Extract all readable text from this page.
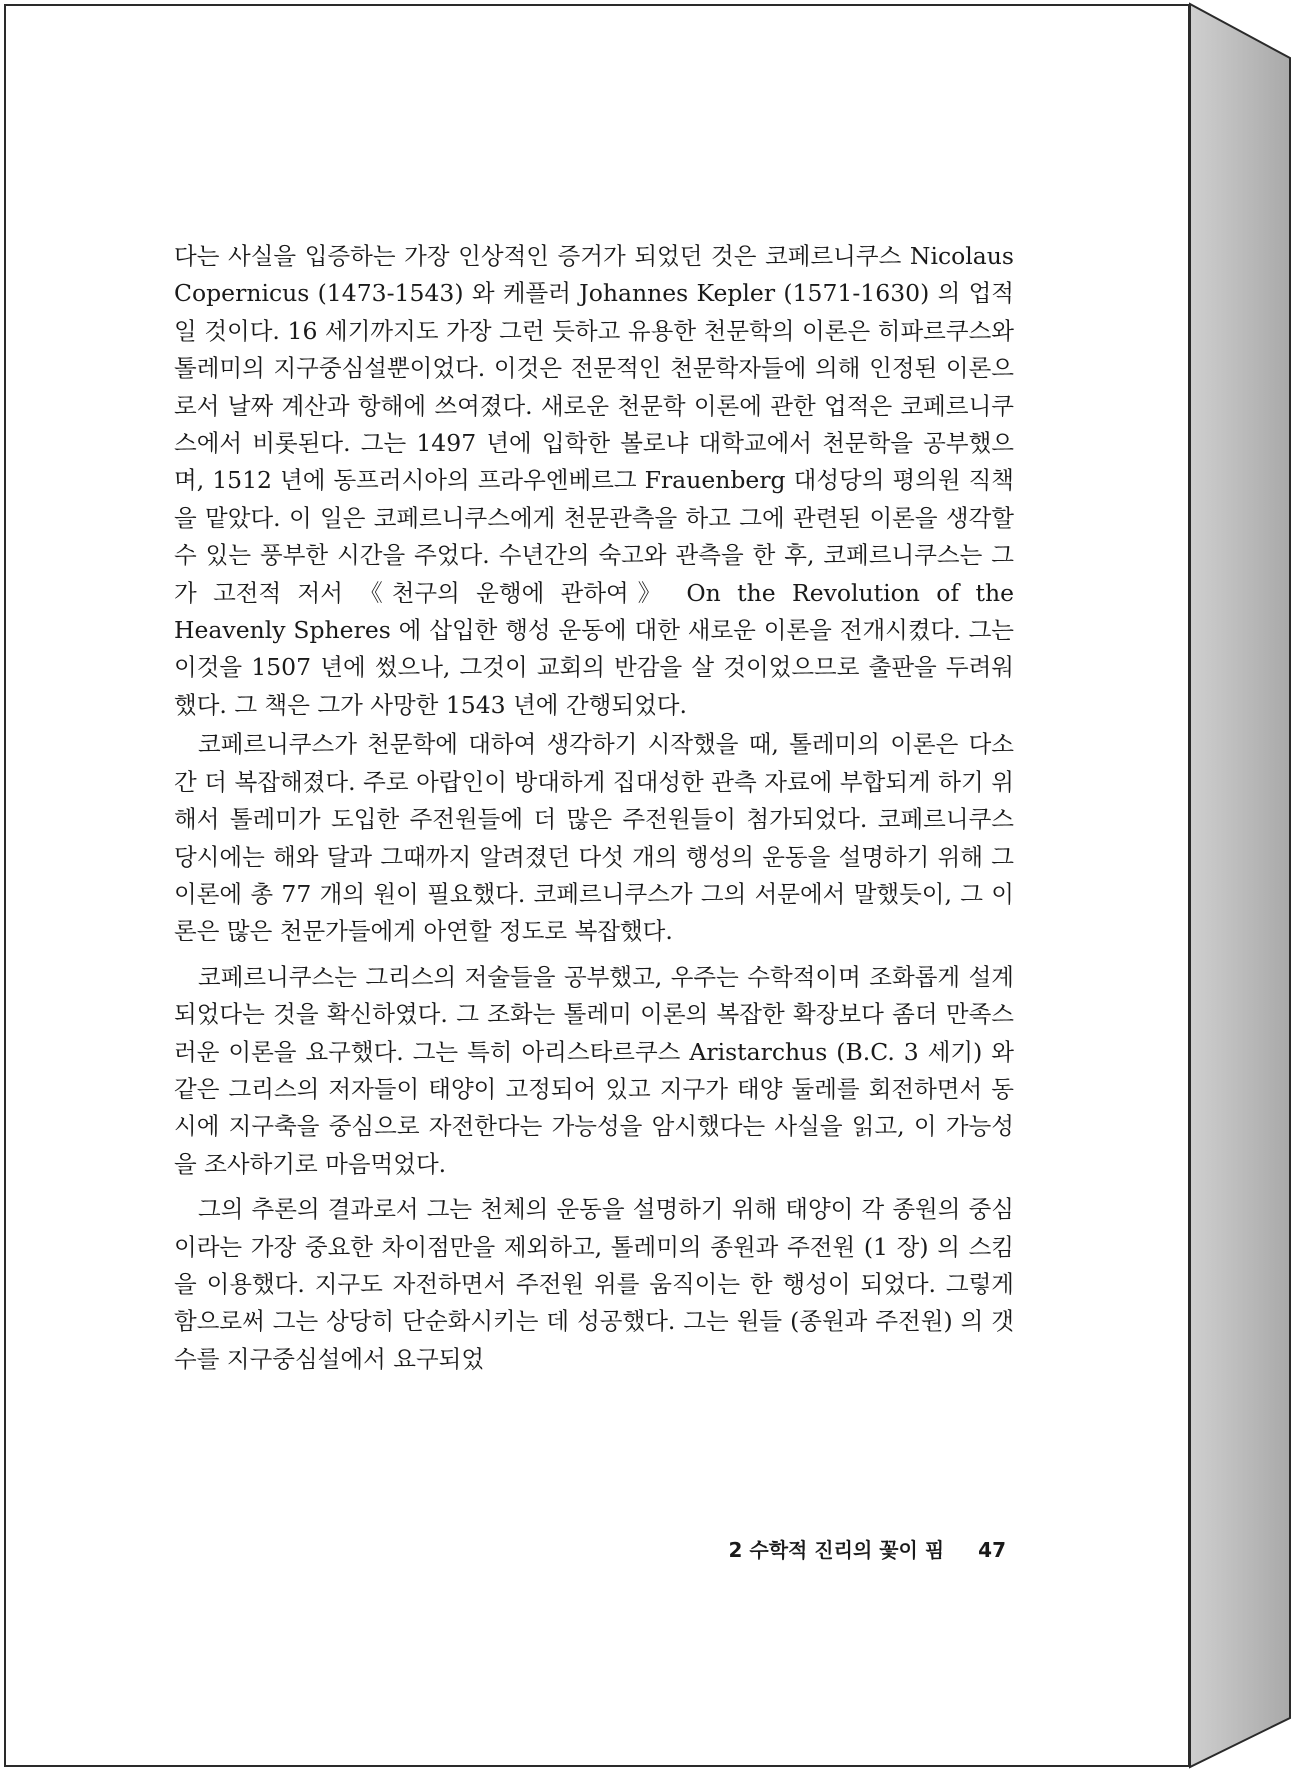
다는 사실을 입증하는 가장 인상적인 증거가 되었던 것은 코페르니쿠스 Nicolaus Copernicus (1473-1543) 와 케플러 Johannes Kepler (1571-1630) 의 업적일 것이다. 16 세기까지도 가장 그런 듯하고 유용한 천문학의 이론은 히파르쿠스와 톨레미의 지구중심설뿐이었다. 이것은 전문적인 천문학자들에 의해 인정된 이론으로서 날짜 계산과 항해에 쓰여졌다. 새로운 천문학 이론에 관한 업적은 코페르니쿠스에서 비롯된다. 그는 1497 년에 입학한 볼로냐 대학교에서 천문학을 공부했으며, 1512 년에 동프러시아의 프라우엔베르그 Frauenberg 대성당의 평의원 직책을 맡았다. 이 일은 코페르니쿠스에게 천문관측을 하고 그에 관련된 이론을 생각할 수 있는 풍부한 시간을 주었다. 수년간의 숙고와 관측을 한 후, 코페르니쿠스는 그가 고전적 저서 《천구의 운행에 관하여》 On the Revolution of the Heavenly Spheres 에 삽입한 행성 운동에 대한 새로운 이론을 전개시켰다. 그는 이것을 1507 년에 썼으나, 그것이 교회의 반감을 살 것이었으므로 출판을 두려워했다. 그 책은 그가 사망한 1543 년에 간행되었다.

코페르니쿠스가 천문학에 대하여 생각하기 시작했을 때, 톨레미의 이론은 다소간 더 복잡해졌다. 주로 아랍인이 방대하게 집대성한 관측 자료에 부합되게 하기 위해서 톨레미가 도입한 주전원들에 더 많은 주전원들이 첨가되었다. 코페르니쿠스 당시에는 해와 달과 그때까지 알려졌던 다섯 개의 행성의 운동을 설명하기 위해 그 이론에 총 77 개의 원이 필요했다. 코페르니쿠스가 그의 서문에서 말했듯이, 그 이론은 많은 천문가들에게 아연할 정도로 복잡했다.

코페르니쿠스는 그리스의 저술들을 공부했고, 우주는 수학적이며 조화롭게 설계되었다는 것을 확신하였다. 그 조화는 톨레미 이론의 복잡한 확장보다 좀더 만족스러운 이론을 요구했다. 그는 특히 아리스타르쿠스 Aristarchus (B.C. 3 세기) 와 같은 그리스의 저자들이 태양이 고정되어 있고 지구가 태양 둘레를 회전하면서 동시에 지구축을 중심으로 자전한다는 가능성을 암시했다는 사실을 읽고, 이 가능성을 조사하기로 마음먹었다.

그의 추론의 결과로서 그는 천체의 운동을 설명하기 위해 태양이 각 종원의 중심이라는 가장 중요한 차이점만을 제외하고, 톨레미의 종원과 주전원 (1 장) 의 스킴을 이용했다. 지구도 자전하면서 주전원 위를 움직이는 한 행성이 되었다. 그렇게 함으로써 그는 상당히 단순화시키는 데 성공했다. 그는 원들 (종원과 주전원) 의 갯수를 지구중심설에서 요구되었

2 수학적 진리의 꽃이 핌 47
